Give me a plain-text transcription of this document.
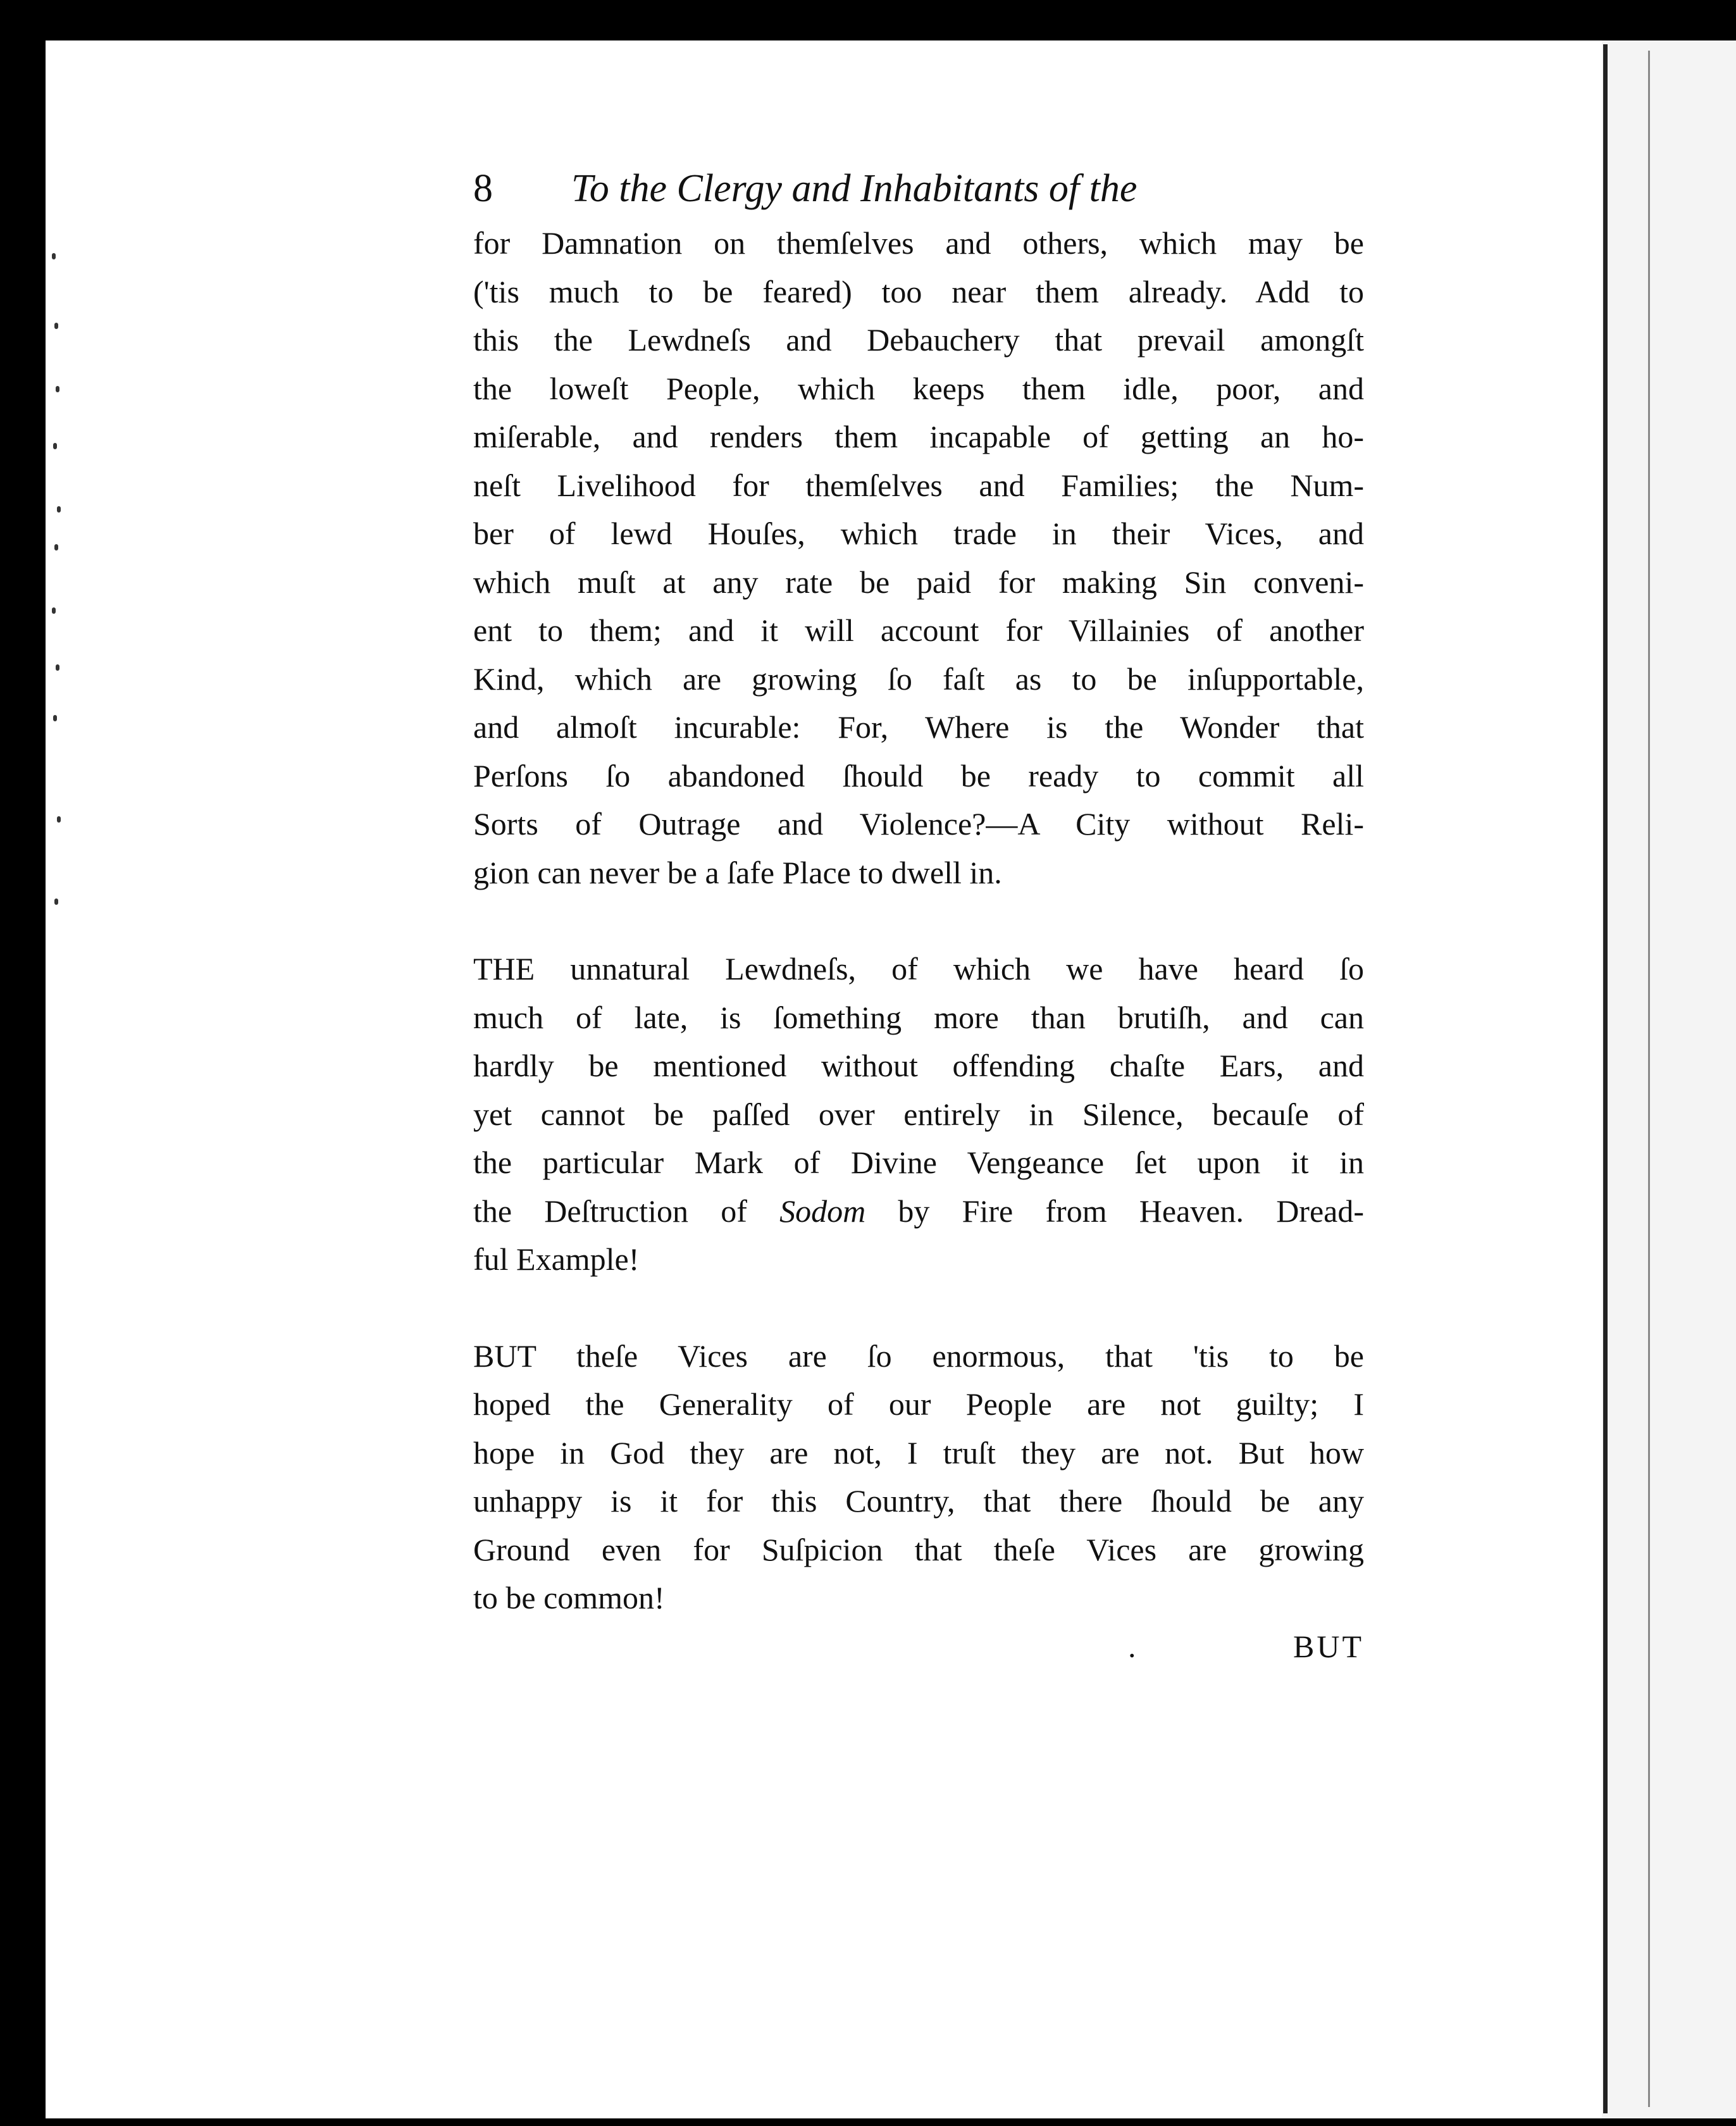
8 To the Clergy and Inhabitants of the
for Damnation on themſelves and others, which may be
('tis much to be feared) too near them already. Add to
this the Lewdneſs and Debauchery that prevail amongſt
the loweſt People, which keeps them idle, poor, and
miſerable, and renders them incapable of getting an ho-
neſt Livelihood for themſelves and Families; the Num-
ber of lewd Houſes, which trade in their Vices, and
which muſt at any rate be paid for making Sin conveni-
ent to them; and it will account for Villainies of another
Kind, which are growing ſo faſt as to be inſupportable,
and almoſt incurable: For, Where is the Wonder that
Perſons ſo abandoned ſhould be ready to commit all
Sorts of Outrage and Violence?—A City without Reli-
gion can never be a ſafe Place to dwell in.
THE unnatural Lewdneſs, of which we have heard ſo
much of late, is ſomething more than brutiſh, and can
hardly be mentioned without offending chaſte Ears, and
yet cannot be paſſed over entirely in Silence, becauſe of
the particular Mark of Divine Vengeance ſet upon it in
the Deſtruction of Sodom by Fire from Heaven. Dread-
ful Example!
BUT theſe Vices are ſo enormous, that 'tis to be
hoped the Generality of our People are not guilty; I
hope in God they are not, I truſt they are not. But how
unhappy is it for this Country, that there ſhould be any
Ground even for Suſpicion that theſe Vices are growing
to be common!
.	BUT
